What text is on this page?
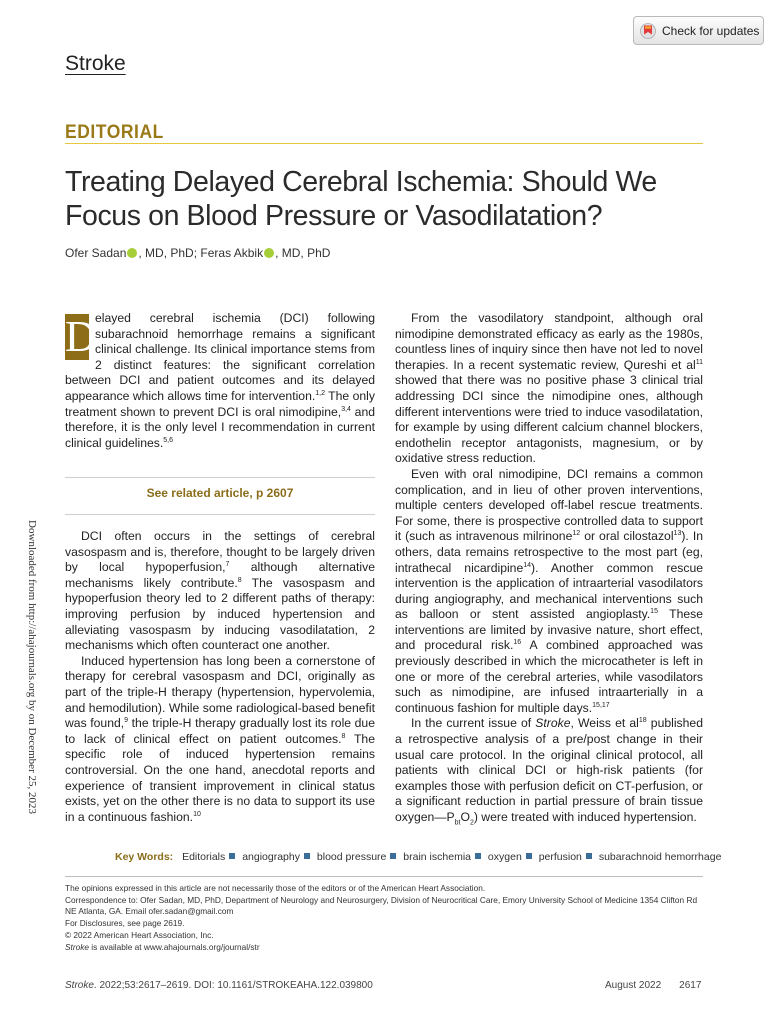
Check for updates
Stroke
EDITORIAL
Treating Delayed Cerebral Ischemia: Should We Focus on Blood Pressure or Vasodilatation?
Ofer Sadan , MD, PhD; Feras Akbik , MD, PhD
Downloaded from http://ahajournals.org by on December 25, 2023

D
elayed cerebral ischemia (DCI) following subarachnoid hemorrhage remains a significant clinical challenge. Its clinical importance stems from 2 distinct features: the significant correlation between DCI and patient outcomes and its delayed appearance which allows time for intervention.$^{1,2}$ The only treatment shown to prevent DCI is oral nimodipine,$^{3,4}$ and therefore, it is the only level I recommendation in current clinical guidelines.$^{5,6}$

See related article, p 2607

DCI often occurs in the settings of cerebral vasospasm and is, therefore, thought to be largely driven by local hypoperfusion,$^7$ although alternative mechanisms likely contribute.$^8$ The vasospasm and hypoperfusion theory led to 2 different paths of therapy: improving perfusion by induced hypertension and alleviating vasospasm by inducing vasodilatation, 2 mechanisms which often counteract one another.

Induced hypertension has long been a cornerstone of therapy for cerebral vasospasm and DCI, originally as part of the triple-H therapy (hypertension, hypervolemia, and hemodilution). While some radiological-based benefit was found,$^9$ the triple-H therapy gradually lost its role due to lack of clinical effect on patient outcomes.$^8$ The specific role of induced hypertension remains controversial. On the one hand, anecdotal reports and experience of transient improvement in clinical status exists, yet on the other there is no data to support its use in a continuous fashion.$^{10}$

From the vasodilatory standpoint, although oral nimodipine demonstrated efficacy as early as the 1980s, countless lines of inquiry since then have not led to novel therapies. In a recent systematic review, Qureshi et $al^{11}$ showed that there was no positive phase 3 clinical trial addressing DCI since the nimodipine ones, although different interventions were tried to induce vasodilatation, for example by using different calcium channel blockers, endothelin receptor antagonists, magnesium, or by oxidative stress reduction.

Even with oral nimodipine, DCI remains a common complication, and in lieu of other proven interventions, multiple centers developed off-label rescue treatments. For some, there is prospective controlled data to support it (such as intravenous milrinone$^{12}$ or oral cilostazol$^{13}$). In others, data remains retrospective to the most part (eg, intrathecal nicardipine$^{14}$). Another common rescue intervention is the application of intraarterial vasodilators during angiography, and mechanical interventions such as balloon or stent assisted angioplasty.$^{15}$ These interventions are limited by invasive nature, short effect, and procedural risk.$^{16}$ A combined approached was previously described in which the microcatheter is left in one or more of the cerebral arteries, while vasodilators such as nimodipine, are infused intraarterially in a continuous fashion for multiple days.$^{15,17}$

In the current issue of Stroke, Weiss et $al^{18}$ published a retrospective analysis of a pre/post change in their usual care protocol. In the original clinical protocol, all patients with clinical DCI or high-risk patients (for examples those with perfusion deficit on CT-perfusion, or a significant reduction in partial pressure of brain tissue $oxygen—P_{bt}O_2$) were treated with induced hypertension.

Key Words: Editorials angiography blood pressure brain ischemia oxygen perfusion subarachnoid hemorrhage
The opinions expressed in this article are not necessarily those of the editors or of the American Heart Association.
Correspondence to: Ofer Sadan, MD, PhD, Department of Neurology and Neurosurgery, Division of Neurocritical Care, Emory University School of Medicine 1354 Clifton Rd NE Atlanta, GA. Email ofer.sadan@gmail.com
For Disclosures, see page 2619.
© 2022 American Heart Association, Inc.
Stroke is available at www.ahajournals.org/journal/str
Stroke. 2022;53:2617–2619. DOI: 10.1161/STROKEAHA.122.039800	August 2022 2617
